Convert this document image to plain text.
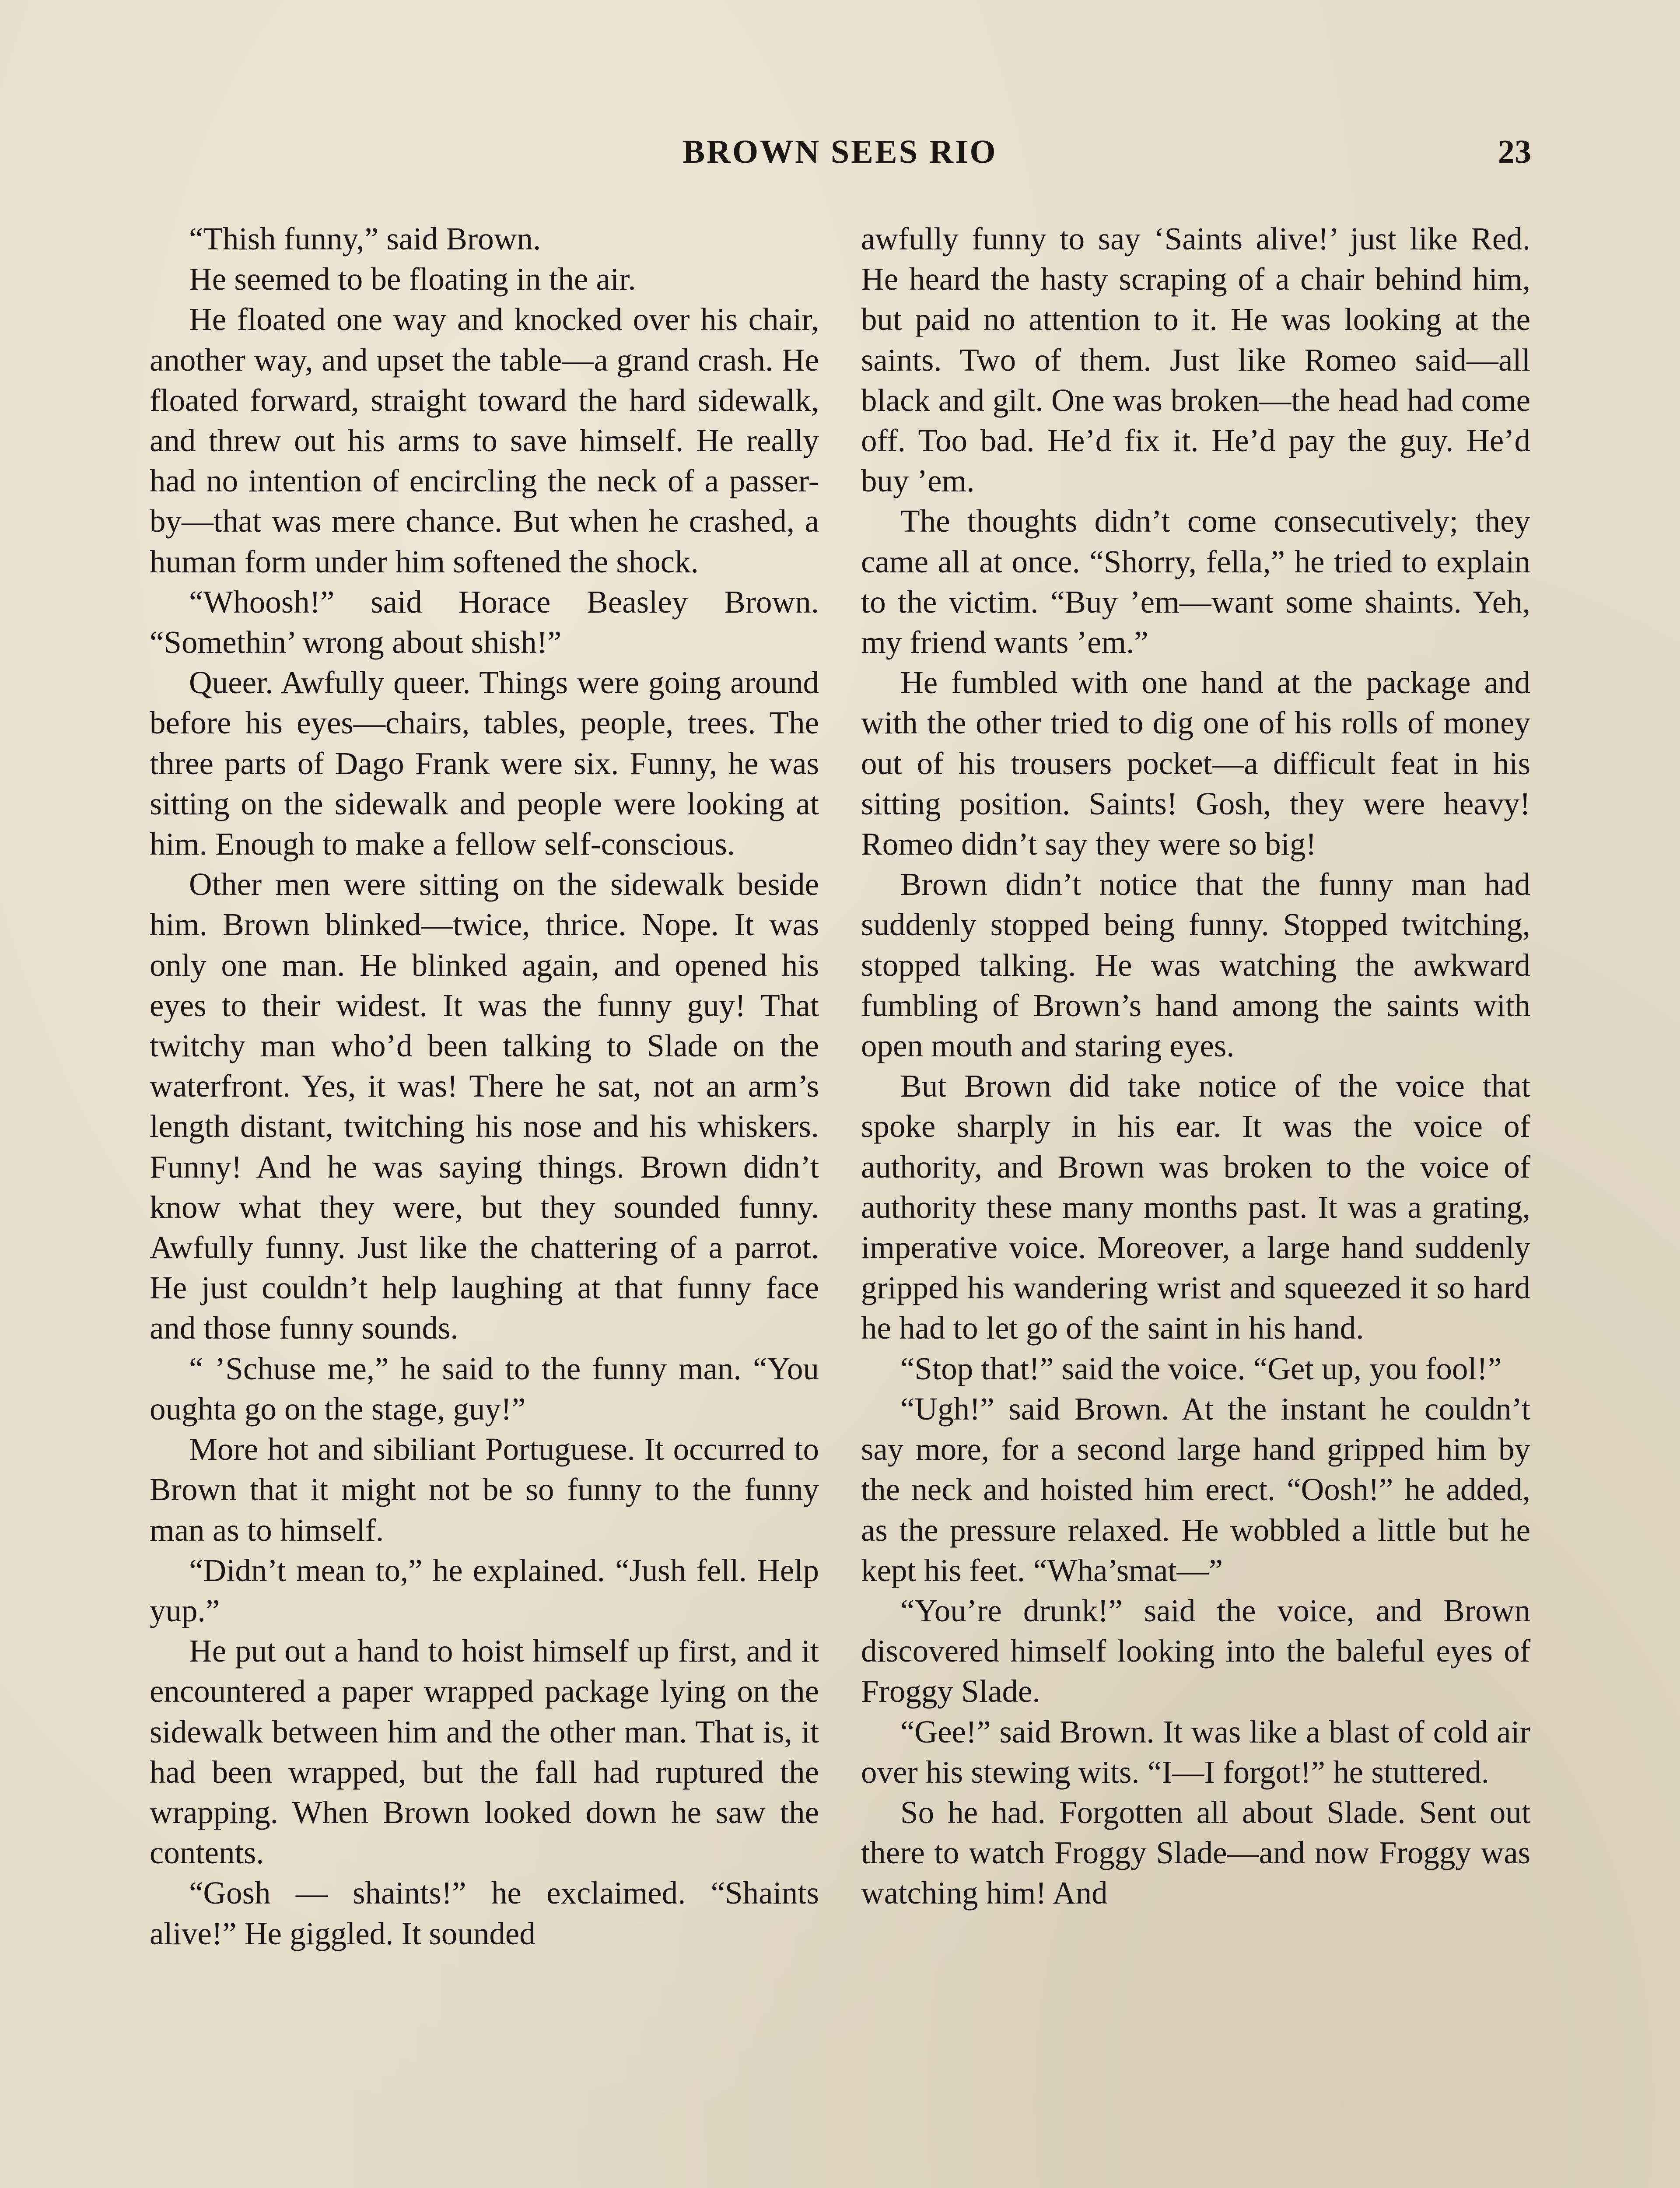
BROWN SEES RIO	23

“Thish funny,” said Brown.

He seemed to be floating in the air.

He floated one way and knocked over his chair, another way, and upset the table—a grand crash. He floated forward, straight toward the hard sidewalk, and threw out his arms to save himself. He really had no intention of encircling the neck of a passer-by—that was mere chance. But when he crashed, a human form under him softened the shock.

“Whoosh!” said Horace Beasley Brown. “Somethin’ wrong about shish!”

Queer. Awfully queer. Things were going around before his eyes—chairs, tables, people, trees. The three parts of Dago Frank were six. Funny, he was sitting on the sidewalk and people were looking at him. Enough to make a fellow self-conscious.

Other men were sitting on the sidewalk beside him. Brown blinked—twice, thrice. Nope. It was only one man. He blinked again, and opened his eyes to their widest. It was the funny guy! That twitchy man who’d been talking to Slade on the waterfront. Yes, it was! There he sat, not an arm’s length distant, twitching his nose and his whiskers. Funny! And he was saying things. Brown didn’t know what they were, but they sounded funny. Awfully funny. Just like the chattering of a parrot. He just couldn’t help laughing at that funny face and those funny sounds.

“ ’Schuse me,” he said to the funny man. “You oughta go on the stage, guy!”

More hot and sibiliant Portuguese. It occurred to Brown that it might not be so funny to the funny man as to himself.

“Didn’t mean to,” he explained. “Jush fell. Help yup.”

He put out a hand to hoist himself up first, and it encountered a paper wrapped package lying on the sidewalk between him and the other man. That is, it had been wrapped, but the fall had ruptured the wrapping. When Brown looked down he saw the contents.

“Gosh — shaints!” he exclaimed. “Shaints alive!” He giggled. It sounded

awfully funny to say ‘Saints alive!’ just like Red. He heard the hasty scraping of a chair behind him, but paid no attention to it. He was looking at the saints. Two of them. Just like Romeo said—all black and gilt. One was broken—the head had come off. Too bad. He’d fix it. He’d pay the guy. He’d buy ’em.

The thoughts didn’t come consecutively; they came all at once. “Shorry, fella,” he tried to explain to the victim. “Buy ’em—want some shaints. Yeh, my friend wants ’em.”

He fumbled with one hand at the package and with the other tried to dig one of his rolls of money out of his trousers pocket—a difficult feat in his sitting position. Saints! Gosh, they were heavy! Romeo didn’t say they were so big!

Brown didn’t notice that the funny man had suddenly stopped being funny. Stopped twitching, stopped talking. He was watching the awkward fumbling of Brown’s hand among the saints with open mouth and staring eyes.

But Brown did take notice of the voice that spoke sharply in his ear. It was the voice of authority, and Brown was broken to the voice of authority these many months past. It was a grating, imperative voice. Moreover, a large hand suddenly gripped his wandering wrist and squeezed it so hard he had to let go of the saint in his hand.

“Stop that!” said the voice. “Get up, you fool!”

“Ugh!” said Brown. At the instant he couldn’t say more, for a second large hand gripped him by the neck and hoisted him erect. “Oosh!” he added, as the pressure relaxed. He wobbled a little but he kept his feet. “Wha’smat—”

“You’re drunk!” said the voice, and Brown discovered himself looking into the baleful eyes of Froggy Slade.

“Gee!” said Brown. It was like a blast of cold air over his stewing wits. “I—I forgot!” he stuttered.

So he had. Forgotten all about Slade. Sent out there to watch Froggy Slade—and now Froggy was watching him! And
